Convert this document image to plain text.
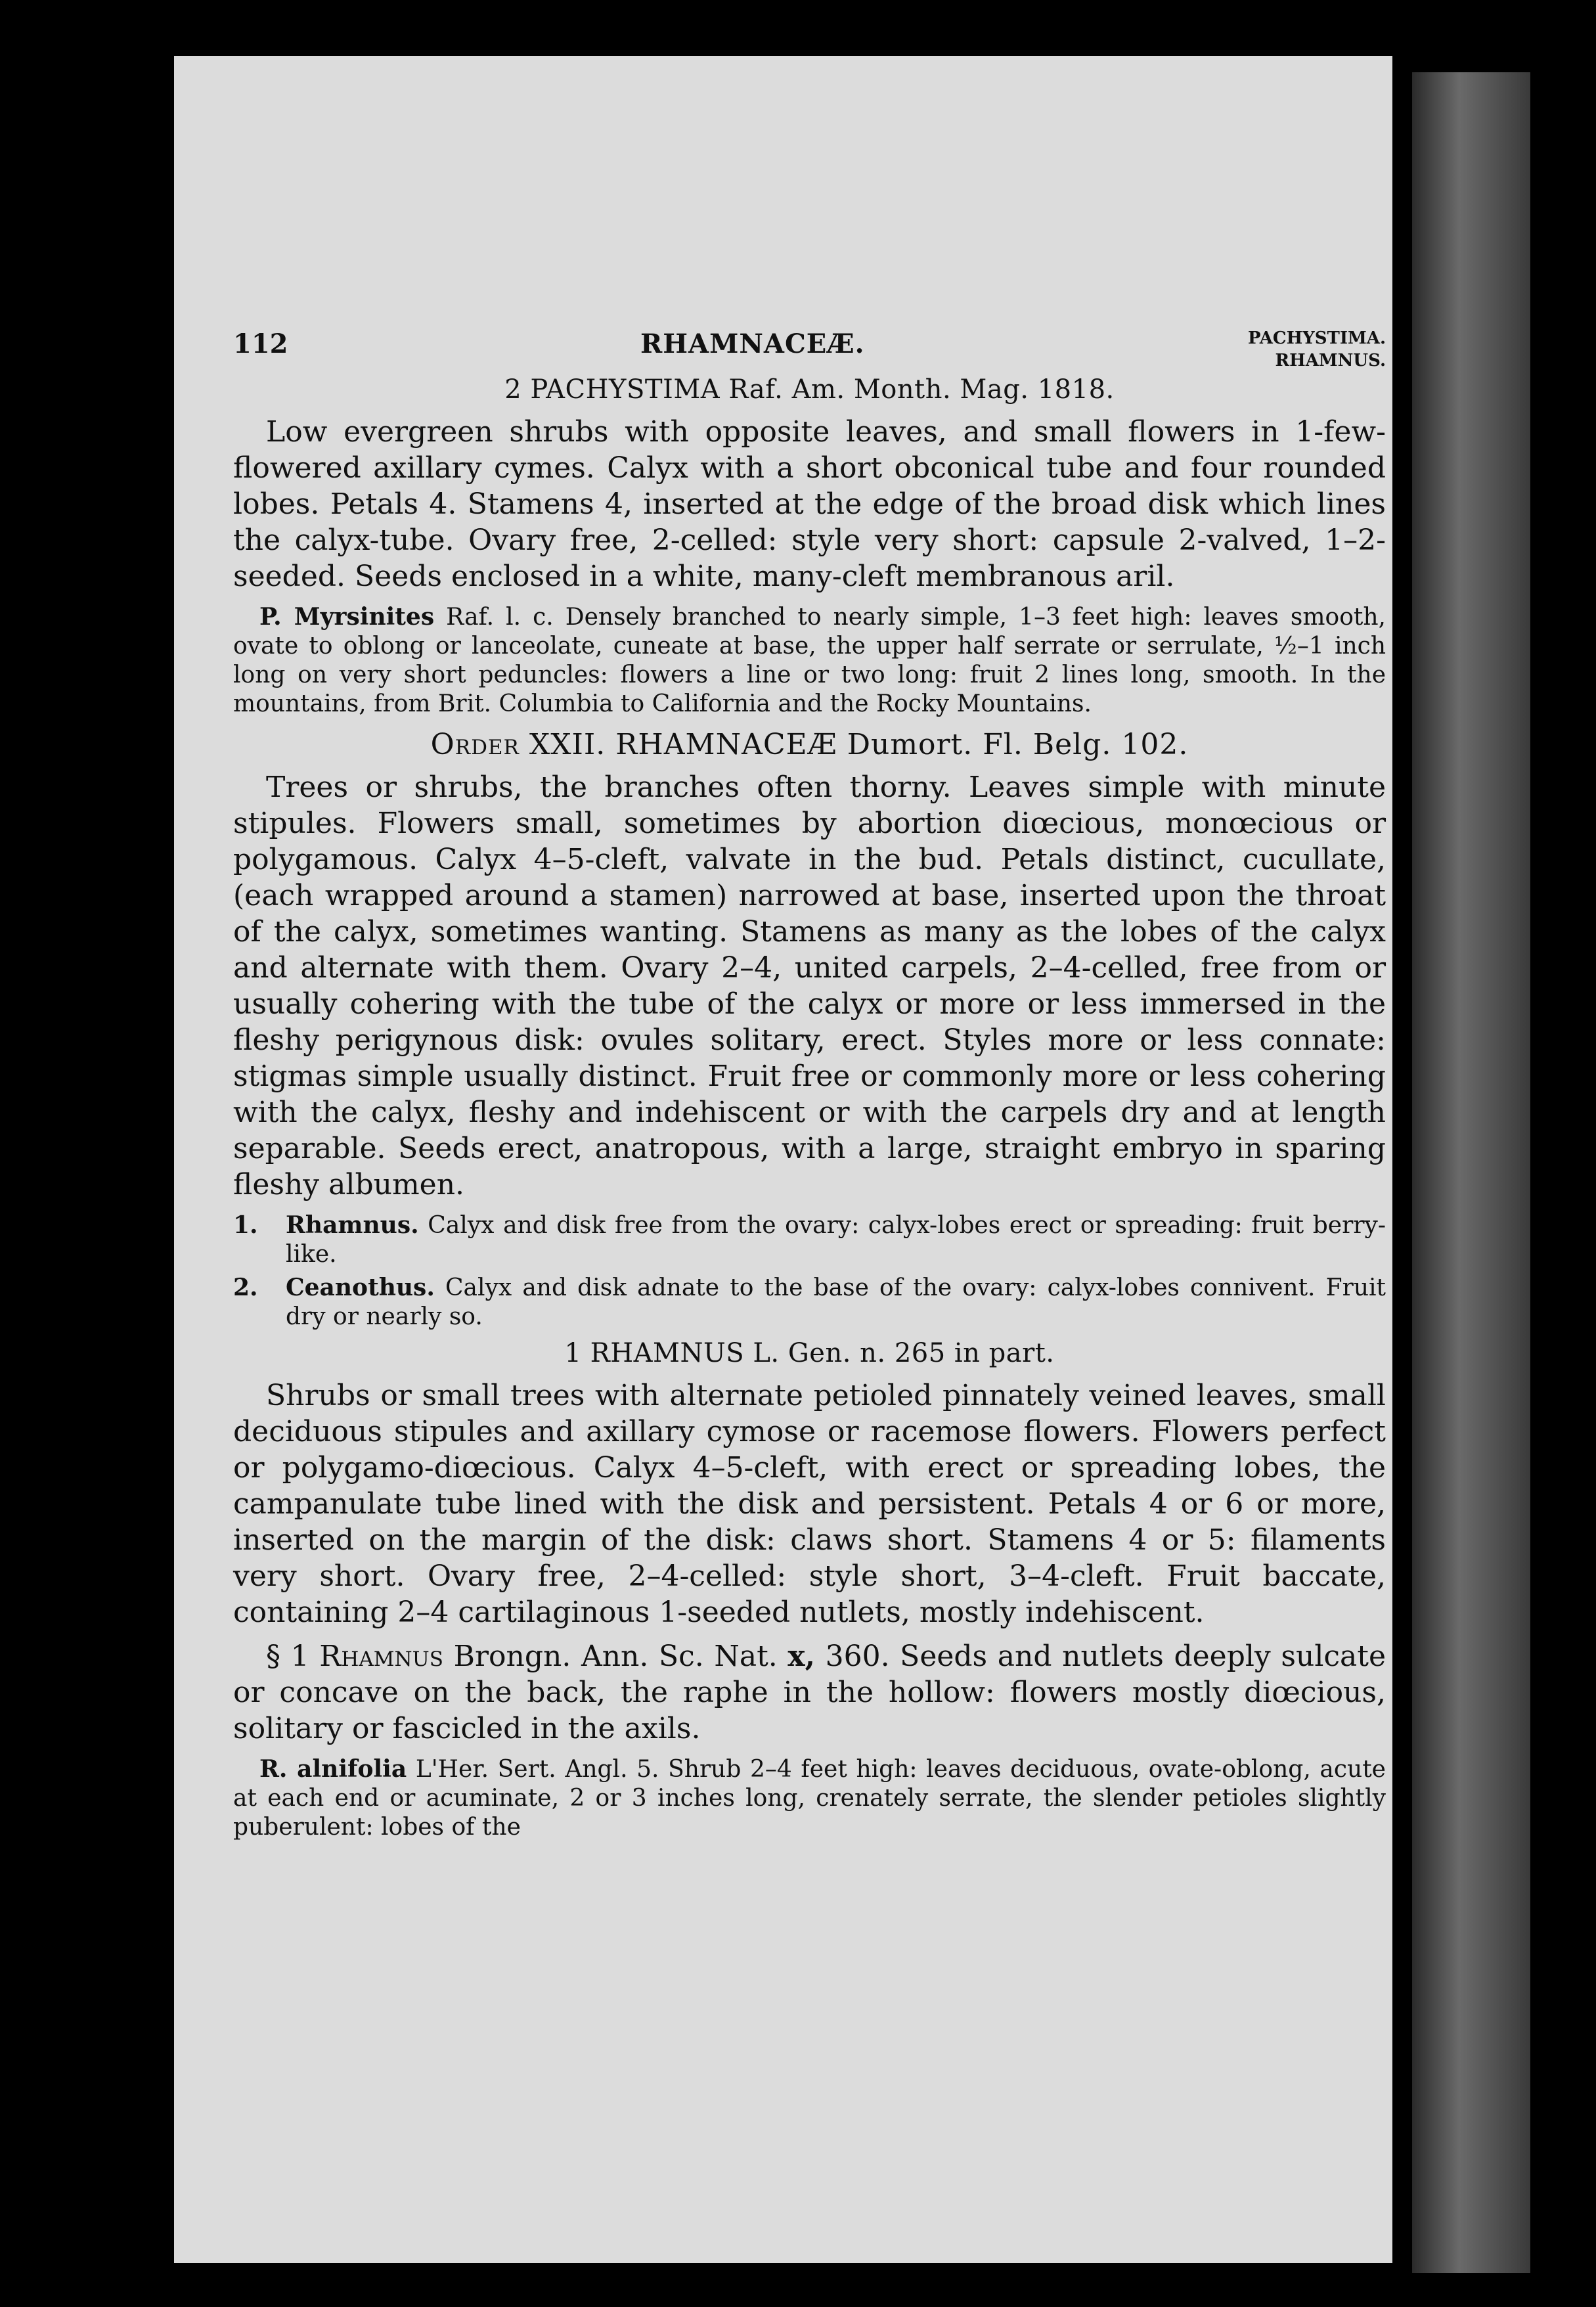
112	RHAMNACEÆ.	PACHYSTIMA.
RHAMNUS.
2 PACHYSTIMA Raf. Am. Month. Mag. 1818.

Low evergreen shrubs with opposite leaves, and small flowers in 1-few-flowered axillary cymes. Calyx with a short obconical tube and four rounded lobes. Petals 4. Stamens 4, inserted at the edge of the broad disk which lines the calyx-tube. Ovary free, 2-celled: style very short: capsule 2-valved, 1–2-seeded. Seeds enclosed in a white, many-cleft membranous aril.

P. Myrsinites Raf. l. c. Densely branched to nearly simple, 1–3 feet high: leaves smooth, ovate to oblong or lanceolate, cuneate at base, the upper half serrate or serrulate, ½–1 inch long on very short peduncles: flowers a line or two long: fruit 2 lines long, smooth. In the mountains, from Brit. Columbia to California and the Rocky Mountains.

Order XXII. RHAMNACEÆ Dumort. Fl. Belg. 102.

Trees or shrubs, the branches often thorny. Leaves simple with minute stipules. Flowers small, sometimes by abortion diœcious, monœcious or polygamous. Calyx 4–5-cleft, valvate in the bud. Petals distinct, cucullate, (each wrapped around a stamen) narrowed at base, inserted upon the throat of the calyx, sometimes wanting. Stamens as many as the lobes of the calyx and alternate with them. Ovary 2–4, united carpels, 2–4-celled, free from or usually cohering with the tube of the calyx or more or less immersed in the fleshy perigynous disk: ovules solitary, erect. Styles more or less connate: stigmas simple usually distinct. Fruit free or commonly more or less cohering with the calyx, fleshy and indehiscent or with the carpels dry and at length separable. Seeds erect, anatropous, with a large, straight embryo in sparing fleshy albumen.

1. Rhamnus. Calyx and disk free from the ovary: calyx-lobes erect or spreading: fruit berry-like.
2. Ceanothus. Calyx and disk adnate to the base of the ovary: calyx-lobes connivent. Fruit dry or nearly so.
1 RHAMNUS L. Gen. n. 265 in part.

Shrubs or small trees with alternate petioled pinnately veined leaves, small deciduous stipules and axillary cymose or racemose flowers. Flowers perfect or polygamo-diœcious. Calyx 4–5-cleft, with erect or spreading lobes, the campanulate tube lined with the disk and persistent. Petals 4 or 6 or more, inserted on the margin of the disk: claws short. Stamens 4 or 5: filaments very short. Ovary free, 2–4-celled: style short, 3–4-cleft. Fruit baccate, containing 2–4 cartilaginous 1-seeded nutlets, mostly indehiscent.

§ 1 Rhamnus Brongn. Ann. Sc. Nat. x, 360. Seeds and nutlets deeply sulcate or concave on the back, the raphe in the hollow: flowers mostly diœcious, solitary or fascicled in the axils.

R. alnifolia L'Her. Sert. Angl. 5. Shrub 2–4 feet high: leaves deciduous, ovate-oblong, acute at each end or acuminate, 2 or 3 inches long, crenately serrate, the slender petioles slightly puberulent: lobes of the
